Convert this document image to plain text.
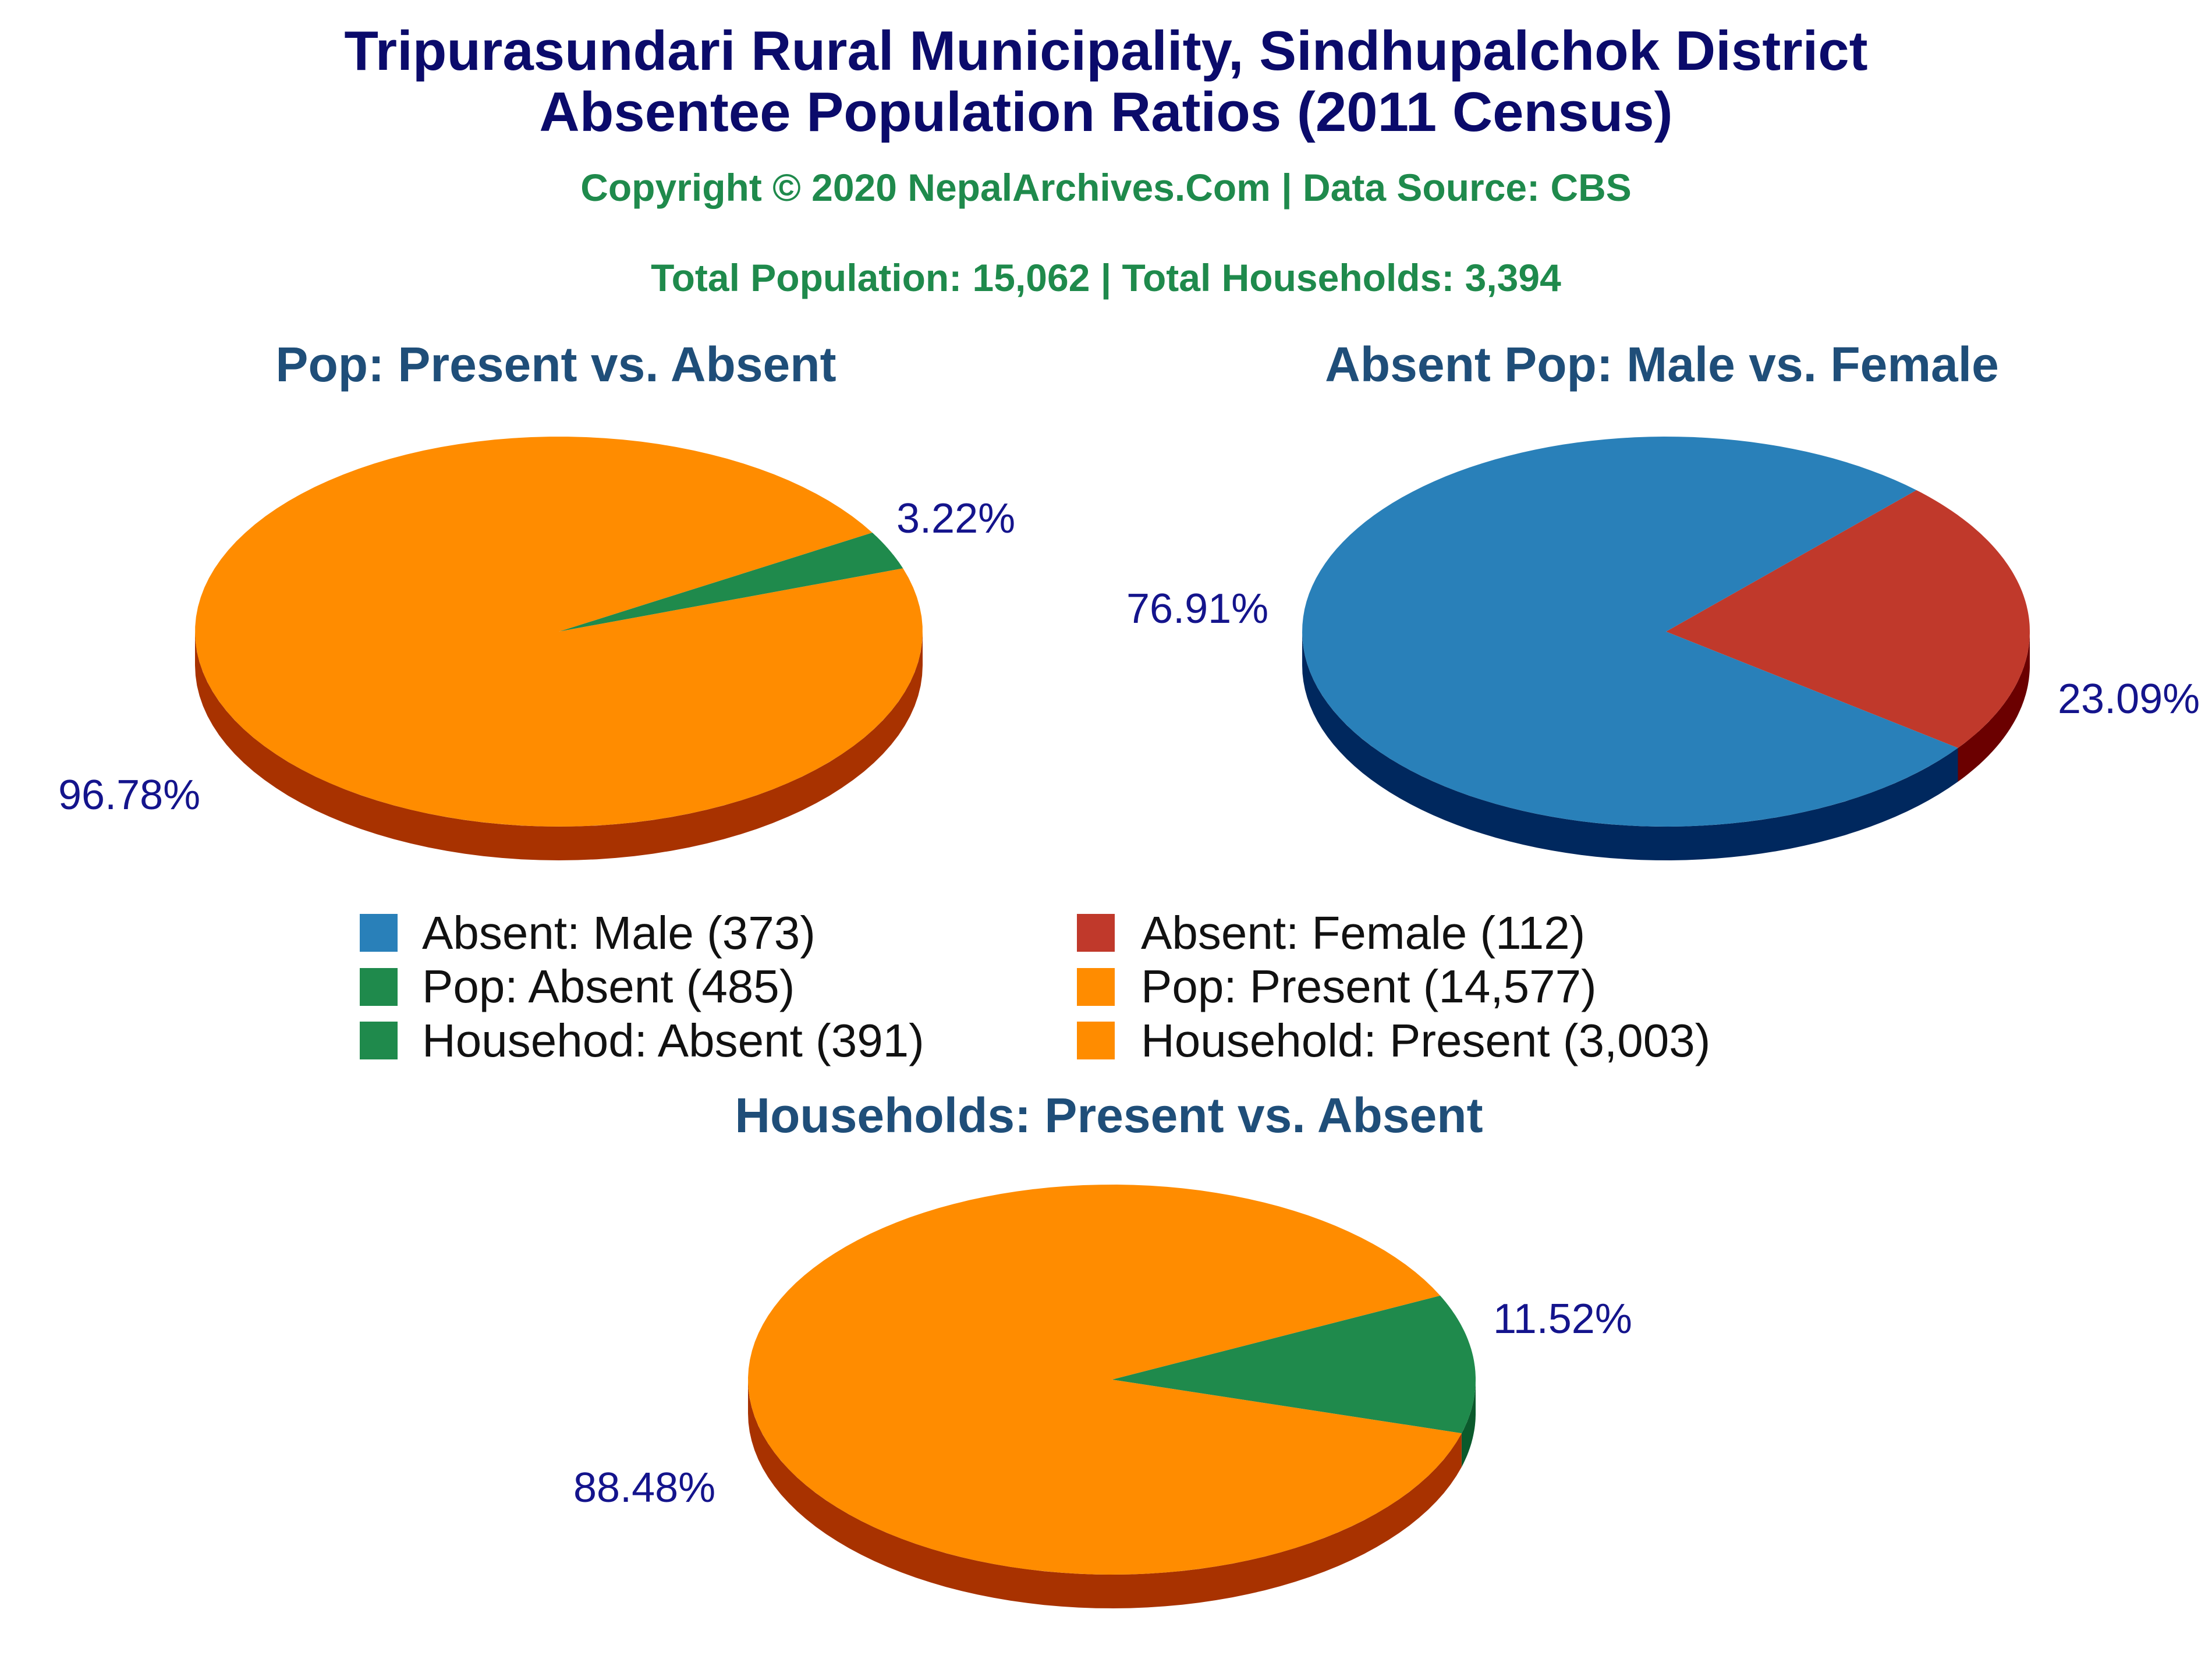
Tripurasundari Rural Municipality, Sindhupalchok District
Absentee Population Ratios (2011 Census)
Copyright © 2020 NepalArchives.Com | Data Source: CBS
Total Population: 15,062 | Total Households: 3,394
Pop: Present vs. Absent	Absent Pop: Male vs. Female
Households: Present vs. Absent
3.22%
96.78%
23.09%
76.91%
11.52%
88.48%
Absent: Male (373)	Absent: Female (112)
Pop: Absent (485)	Pop: Present (14,577)
Househod: Absent (391)	Household: Present (3,003)
